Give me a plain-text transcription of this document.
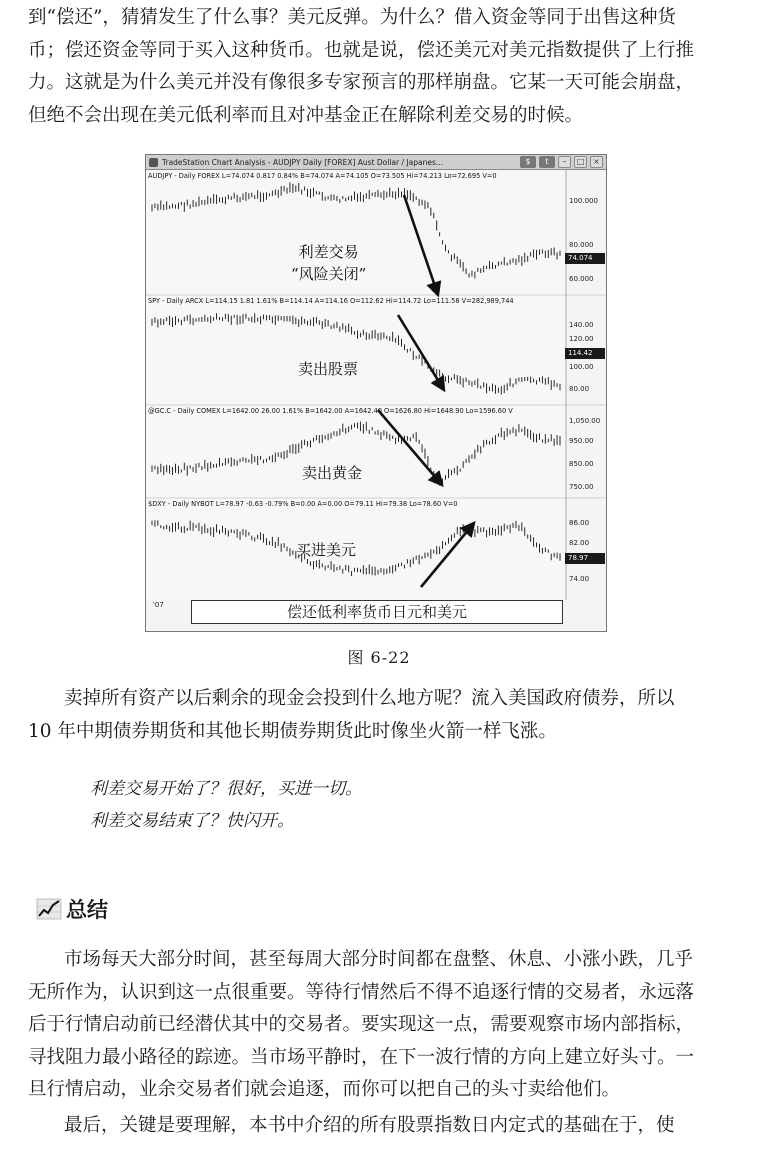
到“偿还”，猜猜发生了什么事？美元反弹。为什么？借入资金等同于出售这种货
币；偿还资金等同于买入这种货币。也就是说，偿还美元对美元指数提供了上行推
力。这就是为什么美元并没有像很多专家预言的那样崩盘。它某一天可能会崩盘，
但绝不会出现在美元低利率而且对冲基金正在解除利差交易的时候。

TradeStation Chart Analysis - AUDJPY Daily [FOREX] Aust Dollar / Japanes...	$	t	–	□	×
AUDJPY - Daily FOREX L=74.074 0.817 0.84% B=74.074 A=74.105 O=73.505 Hi=74.213 Lo=72.695 V=0
SPY - Daily ARCX L=114.15 1.81 1.61% B=114.14 A=114.16 O=112.62 Hi=114.72 Lo=111.58 V=282,989,744
@GC.C - Daily COMEX L=1642.00 26.00 1.61% B=1642.00 A=1642.40 O=1626.80 Hi=1648.90 Lo=1596.60 V
$DXY - Daily NYBOT L=78.97 -0.63 -0.79% B=0.00 A=0.00 O=79.11 Hi=79.38 Lo=78.60 V=0
100.000
80.000
60.000
74.074
140.00
120.00
100.00
80.00
114.42
1,050.00
950.00
850.00
750.00
86.00
82.00
74.00
78.97
利差交易
“风险关闭”
卖出股票
卖出黄金
买进美元
'07	偿还低利率货币日元和美元
图 6-22

卖掉所有资产以后剩余的现金会投到什么地方呢？流入美国政府债券，所以
10 年中期债券期货和其他长期债券期货此时像坐火箭一样飞涨。

利差交易开始了？很好，买进一切。
利差交易结束了？快闪开。
总结

市场每天大部分时间，甚至每周大部分时间都在盘整、休息、小涨小跌，几乎
无所作为，认识到这一点很重要。等待行情然后不得不追逐行情的交易者，永远落
后于行情启动前已经潜伏其中的交易者。要实现这一点，需要观察市场内部指标，
寻找阻力最小路径的踪迹。当市场平静时，在下一波行情的方向上建立好头寸。一
旦行情启动，业余交易者们就会追逐，而你可以把自己的头寸卖给他们。

最后，关键是要理解，本书中介绍的所有股票指数日内定式的基础在于，使
